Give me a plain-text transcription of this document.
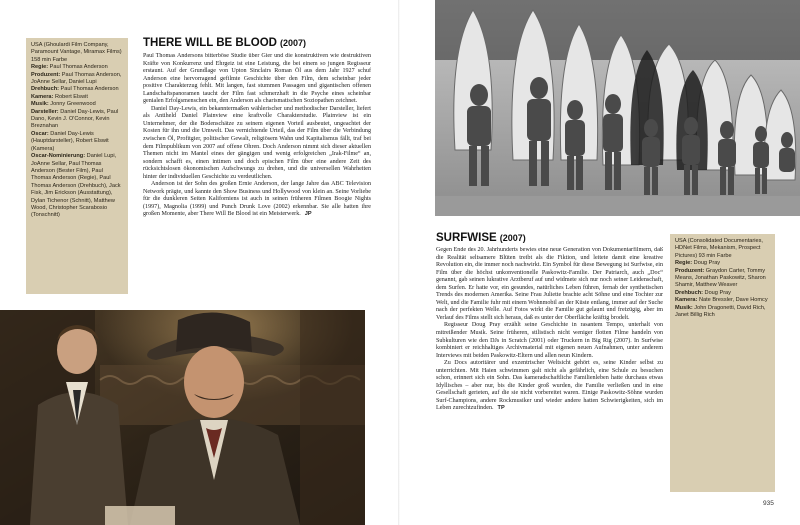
USA (Ghoulardi Film Company, Paramount Vantage, Miramax Films) 158 min Farbe
Regie: Paul Thomas Anderson
Produzent: Paul Thomas Anderson, JoAnne Sellar, Daniel Lupi
Drehbuch: Paul Thomas Anderson
Kamera: Robert Elswit
Musik: Jonny Greenwood
Darsteller: Daniel Day-Lewis, Paul Dano, Kevin J. O'Connor, Kevin Breznahan
Oscar: Daniel Day-Lewis (Hauptdarsteller), Robert Elswit (Kamera)
Oscar-Nominierung: Daniel Lupi, JoAnne Sellar, Paul Thomas Anderson (Bester Film), Paul Thomas Anderson (Regie), Paul Thomas Anderson (Drehbuch), Jack Fisk, Jim Erickson (Ausstattung), Dylan Tichenor (Schnitt), Matthew Wood, Christopher Scarabosio (Tonschnitt)
THERE WILL BE BLOOD (2007)

Paul Thomas Andersons bitterböse Studie über Gier und die konstruktiven wie destruktiven Kräfte von Konkurrenz und Ehrgeiz ist eine Leistung, die bei einem so jungen Regisseur erstaunt. Auf der Grundlage von Upton Sinclairs Roman Öl aus dem Jahr 1927 schuf Anderson eine hervorragend gefilmte Geschichte über den Film, dem scheinbar jeder positive Charakterzug fehlt. Mit langen, fast stummen Passagen und gigantischen offenen Landschaftspanoramen taucht der Film fast schmerzhaft in die Psyche eines scheinbar genialen Erfolgsmenschen ein, den Anderson als charismatischen Soziopathen zeichnet.

Daniel Day-Lewis, ein bekanntermaßen wählerischer und methodischer Darsteller, liefert als Antiheld Daniel Plainview eine kraftvolle Charakterstudie. Plainview ist ein Unternehmer, der die Bodenschätze zu seinem eigenen Vorteil ausbeutet, ungeachtet der Kosten für ihn und die Umwelt. Das vernichtende Urteil, das der Film über die Verbindung zwischen Öl, Profitgier, politischer Gewalt, religiösem Wahn und Kapitalismus fällt, traf bei dem Filmpublikum von 2007 auf offene Ohren. Doch Anderson nimmt sich dieser aktuellen Themen nicht im Mantel eines der gängigen und wenig erfolgreichen „Irak-Filme“ an, sondern schafft es, einen intimen und doch epischen Film über eine andere Zeit des rücksichtslosen ökonomischen Aufschwungs zu drehen, und die universellen Wahrheiten hinter der individuellen Geschichte zu verdeutlichen.

Anderson ist der Sohn des großen Ernie Anderson, der lange Jahre das ABC Television Network prägte, und kannte den Show Business und Hollywood von klein an. Seine Vorliebe für die dunkleren Seiten Kaliforniens ist auch in seinen früheren Filmen Boogie Nights (1997), Magnolia (1999) und Punch Drunk Love (2002) erkennbar. Sie alle hatten ihre großen Momente, aber There Will Be Blood ist ein Meisterwerk. JP

SURFWISE (2007)

Gegen Ende des 20. Jahrhunderts bewies eine neue Generation von Dokumentarfilmern, daß die Realität seltsamere Blüten treibt als die Fiktion, und leitete damit eine kreative Revolution ein, die immer noch nachwirkt. Ein Symbol für diese Bewegung ist Surfwise, ein Film über die höchst unkonventionelle Paskowitz-Familie. Der Patriarch, auch „Doc“ genannt, gab seinen lukrative Arztberuf auf und widmete sich nur noch seiner Leidenschaft, dem Surfen. Er hatte vor, ein gesundes, natürliches Leben führen, fernab der synthetischen Trends des modernen Amerika. Seine Frau Juliette brachte acht Söhne und eine Tochter zur Welt, und die Familie fuhr mit einem Wohnmobil an der Küste entlang, immer auf der Suche nach der perfekten Welle. Auf Fotos wirkt die Familie gut gelaunt und freizügig, aber im Verlauf des Films stellt sich heraus, daß es unter der Oberfläche kräftig brodelt.

Regisseur Doug Pray erzählt seine Geschichte in rasantem Tempo, unterhalt von mitreißender Musik. Seine früheren, stilistisch nicht weniger flotten Filme handeln von Subkulturen wie den DJs in Scratch (2001) oder Truckern in Big Rig (2007). In Surfwise kombiniert er reichhaltiges Archivmaterial mit eigenen neuen Aufnahmen, unter anderem Interviews mit beiden Paskowitz-Eltern und allen neun Kindern.

Zu Docs autoritärer und exzentrischer Weltsicht gehört es, seine Kinder selbst zu unterrichten. Mit Haien schwimmen galt nicht als gefährlich, eine Schule zu besuchen schon, erinnert sich ein Sohn. Das kameradschaftliche Familienleben hatte durchaus etwas Idyllisches – aber nur, bis die Kinder groß wurden, die Familie verließen und in eine Gesellschaft gerieten, auf die sie nicht vorbereitet waren. Einige Paskowitz-Söhne wurden Surf-Champions, andere Rockmusiker und wieder andere hatten Schwierigkeiten, sich im Leben zurechtzufinden. TP

USA (Consolidated Documentaries, HDNet Films, Mekanism, Prospect Pictures) 93 min Farbe
Regie: Doug Pray
Produzent: Graydon Carter, Tommy Means, Jonathan Paskowitz, Sharon Shamir, Matthew Weaver
Drehbuch: Doug Pray
Kamera: Nate Bressler, Dave Homcy
Musik: John Dragonetti, David Rich, Janet Billig Rich
935
